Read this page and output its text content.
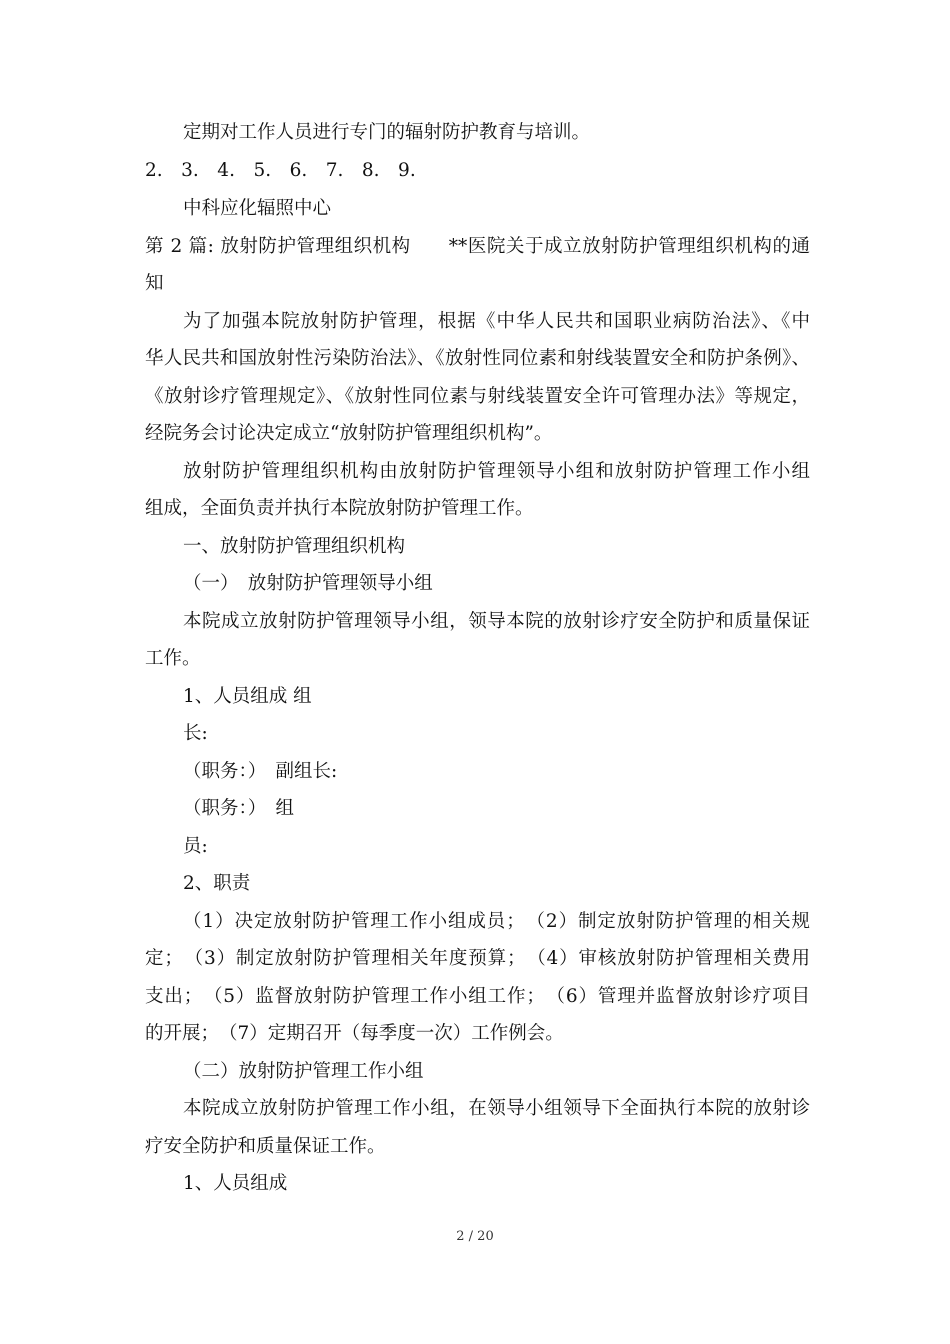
定期对工作人员进行专门的辐射防护教育与培训。
2.　3.　4.　5.　6.　7.　8.　9.
中科应化辐照中心
第 2 篇: 放射防护管理组织机构　　**医院关于成立放射防护管理组织机构的通
知
为了加强本院放射防护管理，根据《中华人民共和国职业病防治法》、《中
华人民共和国放射性污染防治法》、《放射性同位素和射线装置安全和防护条例》、
《放射诊疗管理规定》、《放射性同位素与射线装置安全许可管理办法》等规定，
经院务会讨论决定成立“放射防护管理组织机构”。
放射防护管理组织机构由放射防护管理领导小组和放射防护管理工作小组
组成，全面负责并执行本院放射防护管理工作。
一、放射防护管理组织机构
（一）　放射防护管理领导小组
本院成立放射防护管理领导小组，领导本院的放射诊疗安全防护和质量保证
工作。
1、人员组成 组
长:
（职务：）　副组长:
（职务：）　组
员:
2、职责
（1）决定放射防护管理工作小组成员；　（2）制定放射防护管理的相关规
定；　（3）制定放射防护管理相关年度预算；　（4）审核放射防护管理相关费用
支出；　（5）监督放射防护管理工作小组工作；　（6）管理并监督放射诊疗项目
的开展；　（7）定期召开（每季度一次）工作例会。
（二）放射防护管理工作小组
本院成立放射防护管理工作小组，在领导小组领导下全面执行本院的放射诊
疗安全防护和质量保证工作。
1、人员组成
2 / 20
